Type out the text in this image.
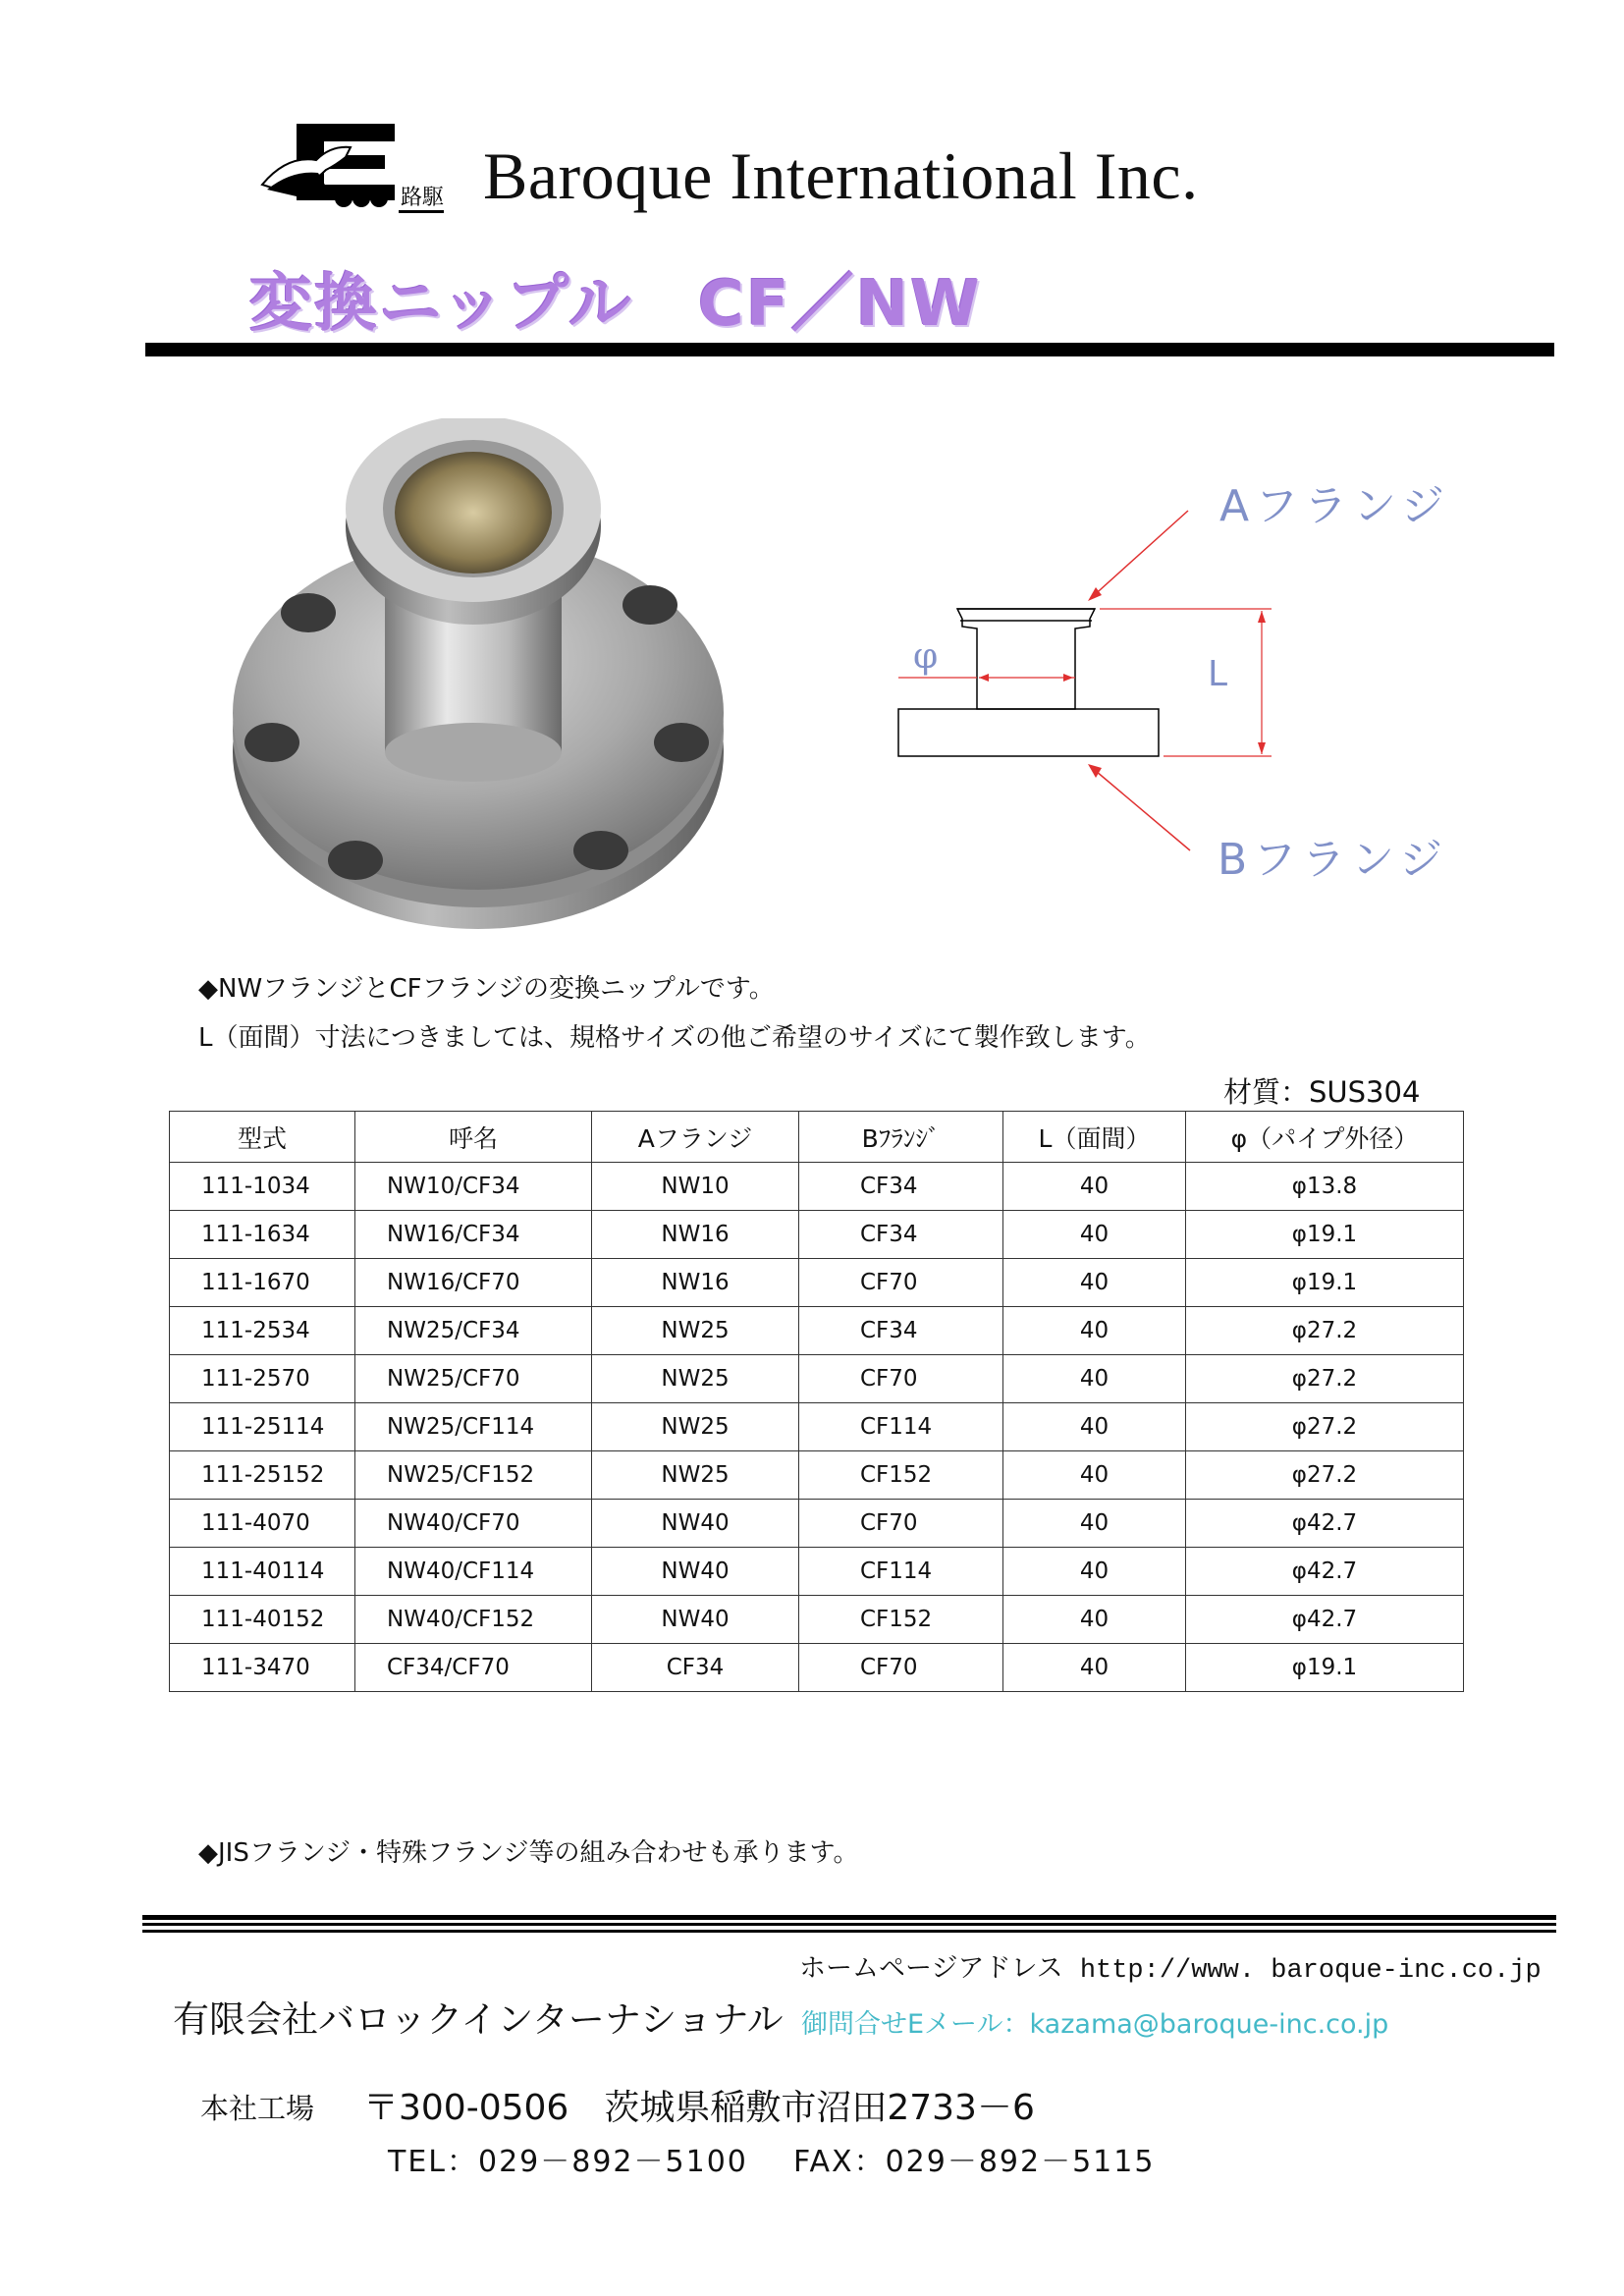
路駆 Baroque International Inc.
変換ニップル　CF／NW
Aフランジ
Bフランジ
φ	L
◆NWフランジとCFフランジの変換ニップルです。
L（面間）寸法につきましては、規格サイズの他ご希望のサイズにて製作致します。
材質：SUS304
型式	呼名	Aフランジ	Bﾌﾗﾝｼﾞ	L（面間）	φ（パイプ外径）
111-1034	NW10/CF34	NW10	CF34	40	φ13.8
111-1634	NW16/CF34	NW16	CF34	40	φ19.1
111-1670	NW16/CF70	NW16	CF70	40	φ19.1
111-2534	NW25/CF34	NW25	CF34	40	φ27.2
111-2570	NW25/CF70	NW25	CF70	40	φ27.2
111-25114	NW25/CF114	NW25	CF114	40	φ27.2
111-25152	NW25/CF152	NW25	CF152	40	φ27.2
111-4070	NW40/CF70	NW40	CF70	40	φ42.7
111-40114	NW40/CF114	NW40	CF114	40	φ42.7
111-40152	NW40/CF152	NW40	CF152	40	φ42.7
111-3470	CF34/CF70	CF34	CF70	40	φ19.1
◆JISフランジ・特殊フランジ等の組み合わせも承ります。
ホームページアドレス http://www. baroque-inc.co.jp
有限会社バロックインターナショナル 御問合せEメール：kazama@baroque-inc.co.jp
本社工場 〒300-0506　茨城県稲敷市沼田2733－6
TEL：029－892－5100 FAX：029－892－5115
